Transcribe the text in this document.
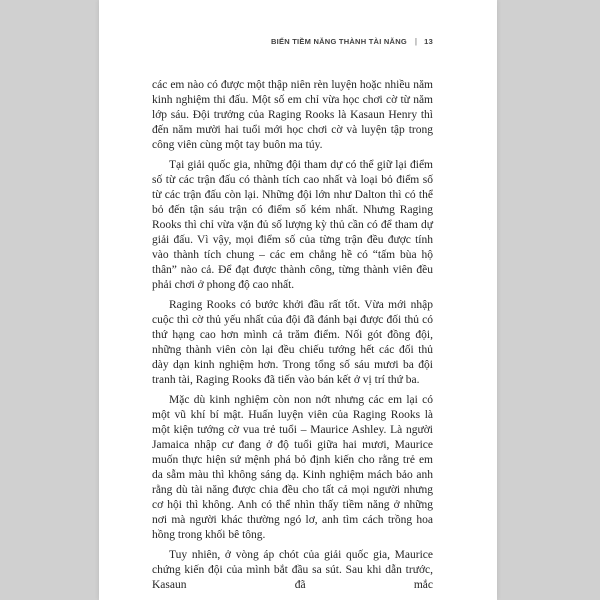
BIẾN TIỀM NĂNG THÀNH TÀI NĂNG | 13

các em nào có được một thập niên rèn luyện hoặc nhiều năm kinh nghiệm thi đấu. Một số em chỉ vừa học chơi cờ từ năm lớp sáu. Đội trưởng của Raging Rooks là Kasaun Henry thì đến năm mười hai tuổi mới học chơi cờ và luyện tập trong công viên cùng một tay buôn ma túy.

Tại giải quốc gia, những đội tham dự có thể giữ lại điểm số từ các trận đấu có thành tích cao nhất và loại bỏ điểm số từ các trận đấu còn lại. Những đội lớn như Dalton thì có thể bỏ đến tận sáu trận có điểm số kém nhất. Nhưng Raging Rooks thì chỉ vừa vặn đủ số lượng kỳ thủ cần có để tham dự giải đấu. Vì vậy, mọi điểm số của từng trận đều được tính vào thành tích chung – các em chẳng hề có “tấm bùa hộ thân” nào cả. Để đạt được thành công, từng thành viên đều phải chơi ở phong độ cao nhất.

Raging Rooks có bước khởi đầu rất tốt. Vừa mới nhập cuộc thì cờ thủ yếu nhất của đội đã đánh bại được đối thủ có thứ hạng cao hơn mình cả trăm điểm. Nối gót đồng đội, những thành viên còn lại đều chiếu tướng hết các đối thủ dày dạn kinh nghiệm hơn. Trong tổng số sáu mươi ba đội tranh tài, Raging Rooks đã tiến vào bán kết ở vị trí thứ ba.

Mặc dù kinh nghiệm còn non nớt nhưng các em lại có một vũ khí bí mật. Huấn luyện viên của Raging Rooks là một kiện tướng cờ vua trẻ tuổi – Maurice Ashley. Là người Jamaica nhập cư đang ở độ tuổi giữa hai mươi, Maurice muốn thực hiện sứ mệnh phá bỏ định kiến cho rằng trẻ em da sẫm màu thì không sáng dạ. Kinh nghiệm mách bảo anh rằng dù tài năng được chia đều cho tất cả mọi người nhưng cơ hội thì không. Anh có thể nhìn thấy tiềm năng ở những nơi mà người khác thường ngó lơ, anh tìm cách trồng hoa hồng trong khối bê tông.

Tuy nhiên, ở vòng áp chót của giải quốc gia, Maurice chứng kiến đội của mình bắt đầu sa sút. Sau khi dẫn trước, Kasaun đã mắc
